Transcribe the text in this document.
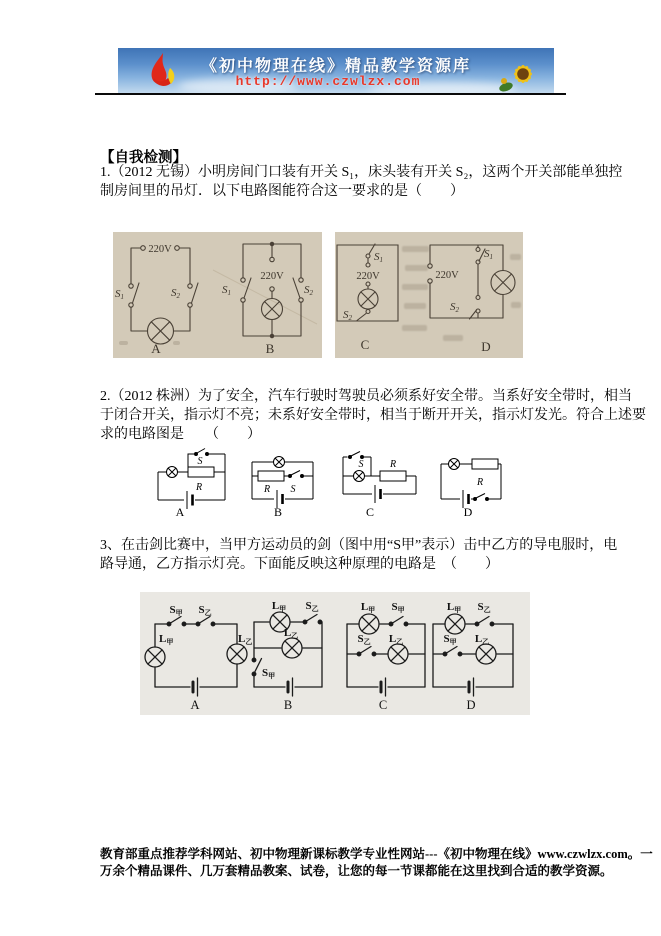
《初中物理在线》精品教学资源库
http://www.czwlzx.com
【自我检测】
1.（2012 无锡）小明房间门口装有开关 S₁，床头装有开关 S₂，这两个开关部能单独控
制房间里的吊灯．以下电路图能符合这一要求的是（　　）
220V
S1	S2
A
220V
S1	S2
B
220V
S1
S2
C
220V
S1
S2
D
2.（2012 株洲）为了安全，汽车行驶时驾驶员必须系好安全带。当系好安全带时，相当
于闭合开关，指示灯不亮；未系好安全带时，相当于断开开关，指示灯发光。符合上述要
求的电路图是　　（　　）
S
R
A
R S
B
S	R
C
R
D
3、在击剑比赛中，当甲方运动员的剑（图中用“S甲”表示）击中乙方的导电服时，电
路导通，乙方指示灯亮。下面能反映这种原理的电路是　（　　）
S甲 S乙
L甲	L乙
A
L甲 S乙
L乙
S甲
B
L甲 S甲
S乙 L乙
C
L甲 S乙
S甲 L乙
D
教育部重点推荐学科网站、初中物理新课标教学专业性网站---《初中物理在线》www.czwlzx.com。一
万余个精品课件、几万套精品教案、试卷，让您的每一节课都能在这里找到合适的教学资源。
